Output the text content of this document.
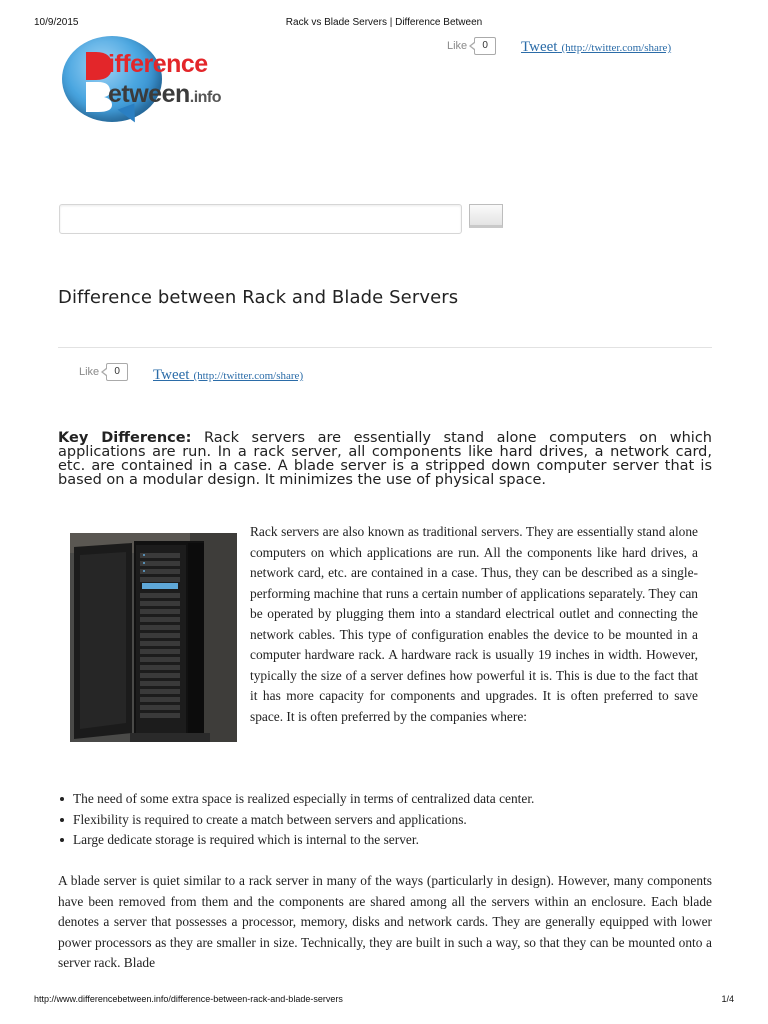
10/9/2015	Rack vs Blade Servers | Difference Between
ifference
etween.info
Like	0	Tweet (http://twitter.com/share)
Difference between Rack and Blade Servers
Like	0	Tweet (http://twitter.com/share)
Key Difference: Rack servers are essentially stand alone computers on which applications are run. In a rack server, all components like hard drives, a network card, etc. are contained in a case. A blade server is a stripped down computer server that is based on a modular design. It minimizes the use of physical space.
Rack servers are also known as traditional servers. They are essentially stand alone computers on which applications are run. All the components like hard drives, a network card, etc. are contained in a case. Thus, they can be described as a single-performing machine that runs a certain number of applications separately. They can be operated by plugging them into a standard electrical outlet and connecting the network cables. This type of configuration enables the device to be mounted in a computer hardware rack. A hardware rack is usually 19 inches in width. However, typically the size of a server defines how powerful it is. This is due to the fact that it has more capacity for components and upgrades. It is often preferred to save space. It is often preferred by the companies where:
The need of some extra space is realized especially in terms of centralized data center.
Flexibility is required to create a match between servers and applications.
Large dedicate storage is required which is internal to the server.
A blade server is quiet similar to a rack server in many of the ways (particularly in design). However, many components have been removed from them and the components are shared among all the servers within an enclosure. Each blade denotes a server that possesses a processor, memory, disks and network cards. They are generally equipped with lower power processors as they are smaller in size. Technically, they are built in such a way, so that they can be mounted onto a server rack. Blade
http://www.differencebetween.info/difference-between-rack-and-blade-servers	1/4
